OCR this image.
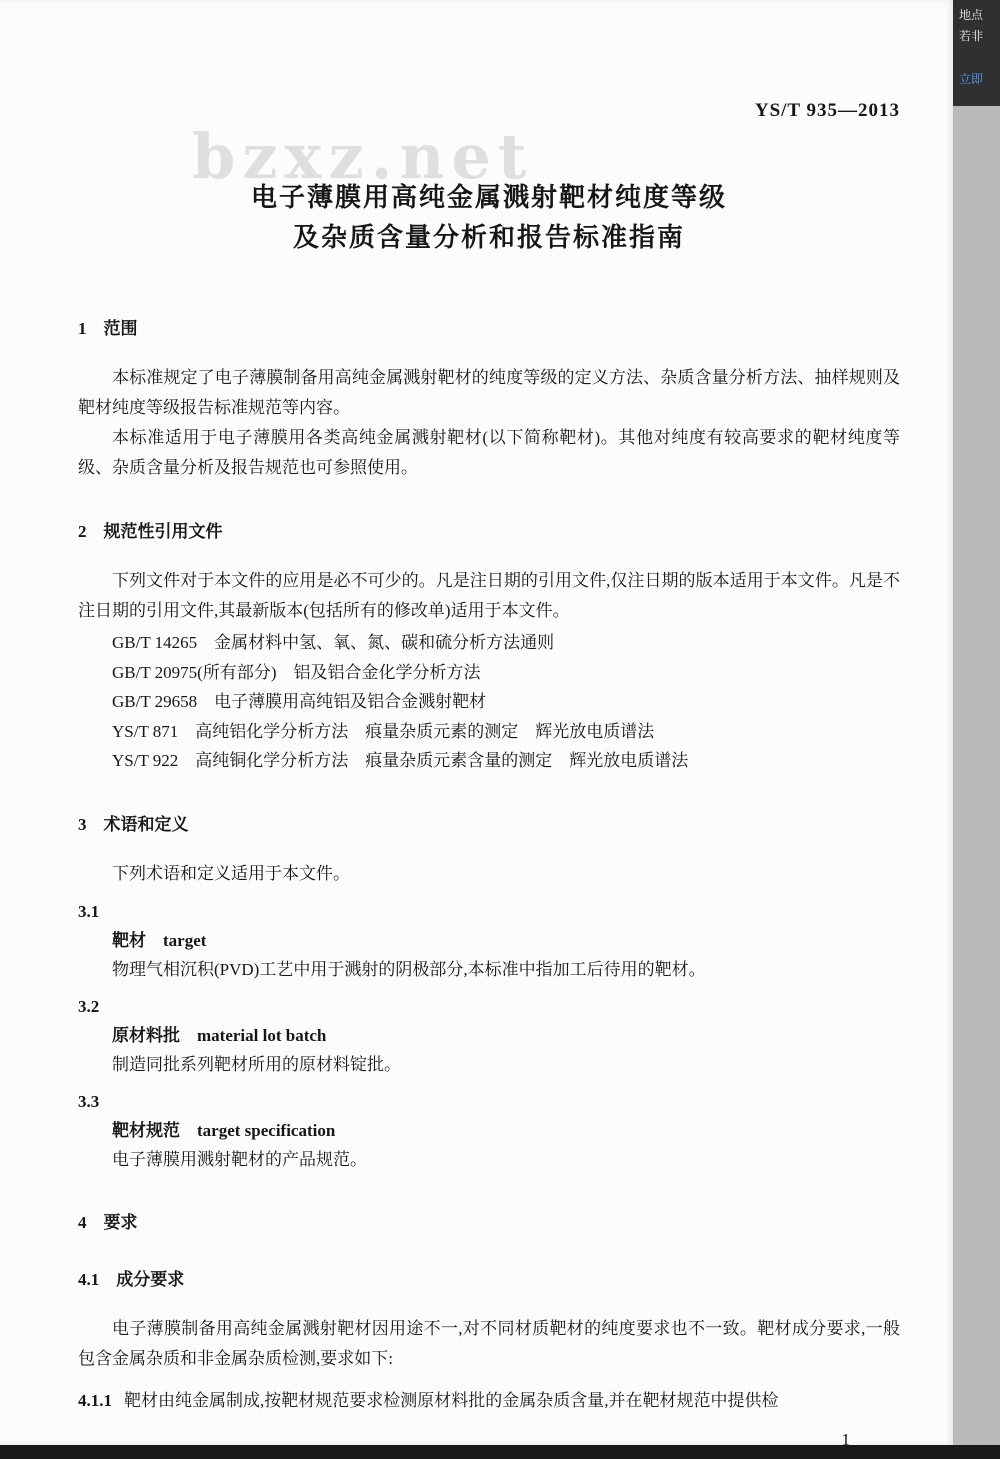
bzxz.net
YS/T 935—2013
电子薄膜用高纯金属溅射靶材纯度等级
及杂质含量分析和报告标准指南
1　范围

本标准规定了电子薄膜制备用高纯金属溅射靶材的纯度等级的定义方法、杂质含量分析方法、抽样规则及靶材纯度等级报告标准规范等内容。

本标准适用于电子薄膜用各类高纯金属溅射靶材(以下简称靶材)。其他对纯度有较高要求的靶材纯度等级、杂质含量分析及报告规范也可参照使用。

2　规范性引用文件

下列文件对于本文件的应用是必不可少的。凡是注日期的引用文件,仅注日期的版本适用于本文件。凡是不注日期的引用文件,其最新版本(包括所有的修改单)适用于本文件。

GB/T 14265　金属材料中氢、氧、氮、碳和硫分析方法通则
GB/T 20975(所有部分)　铝及铝合金化学分析方法
GB/T 29658　电子薄膜用高纯铝及铝合金溅射靶材
YS/T 871　高纯铝化学分析方法　痕量杂质元素的测定　辉光放电质谱法
YS/T 922　高纯铜化学分析方法　痕量杂质元素含量的测定　辉光放电质谱法
3　术语和定义

下列术语和定义适用于本文件。

3.1
靶材　target
物理气相沉积(PVD)工艺中用于溅射的阴极部分,本标准中指加工后待用的靶材。
3.2
原材料批　material lot batch
制造同批系列靶材所用的原材料锭批。
3.3
靶材规范　target specification
电子薄膜用溅射靶材的产品规范。
4　要求
4.1　成分要求

电子薄膜制备用高纯金属溅射靶材因用途不一,对不同材质靶材的纯度要求也不一致。靶材成分要求,一般包含金属杂质和非金属杂质检测,要求如下:

4.1.1 靶材由纯金属制成,按靶材规范要求检测原材料批的金属杂质含量,并在靶材规范中提供检
1
地点
若非
立即
